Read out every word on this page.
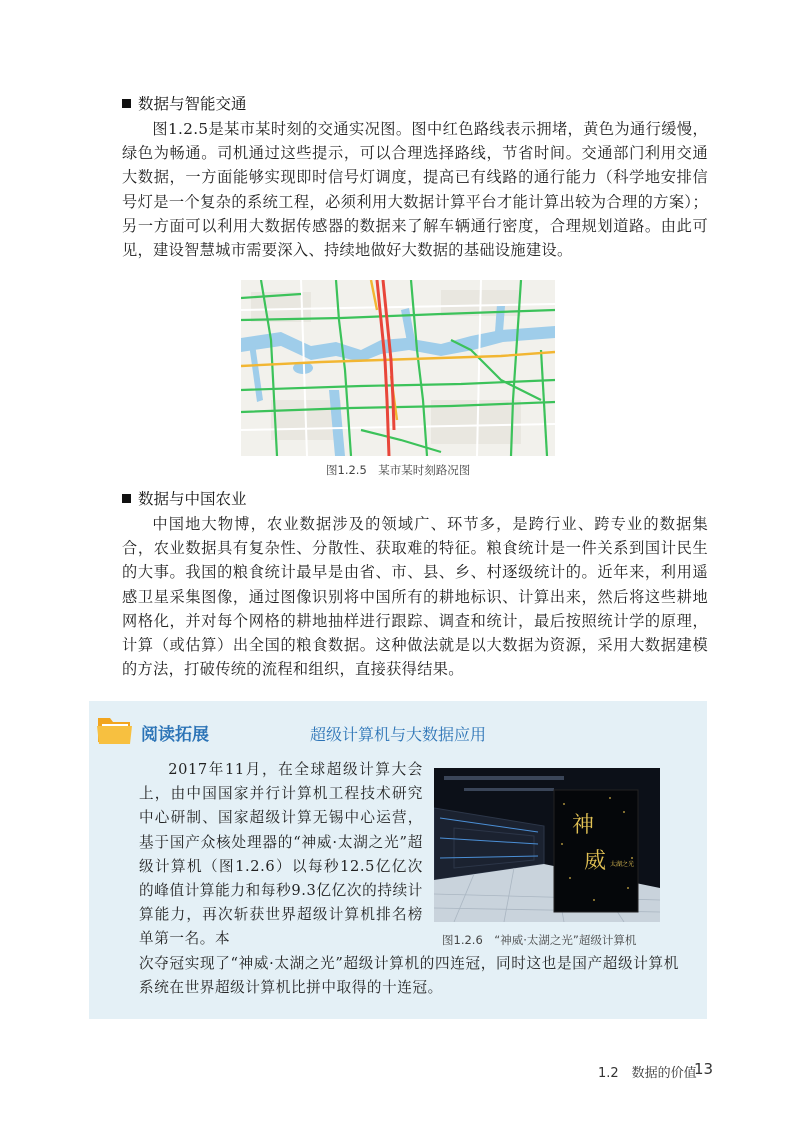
数据与智能交通

图1.2.5是某市某时刻的交通实况图。图中红色路线表示拥堵，黄色为通行缓慢，绿色为畅通。司机通过这些提示，可以合理选择路线，节省时间。交通部门利用交通大数据，一方面能够实现即时信号灯调度，提高已有线路的通行能力（科学地安排信号灯是一个复杂的系统工程，必须利用大数据计算平台才能计算出较为合理的方案）；另一方面可以利用大数据传感器的数据来了解车辆通行密度，合理规划道路。由此可见，建设智慧城市需要深入、持续地做好大数据的基础设施建设。

图1.2.5　某市某时刻路况图
数据与中国农业

中国地大物博，农业数据涉及的领域广、环节多，是跨行业、跨专业的数据集合，农业数据具有复杂性、分散性、获取难的特征。粮食统计是一件关系到国计民生的大事。我国的粮食统计最早是由省、市、县、乡、村逐级统计的。近年来，利用遥感卫星采集图像，通过图像识别将中国所有的耕地标识、计算出来，然后将这些耕地网格化，并对每个网格的耕地抽样进行跟踪、调查和统计，最后按照统计学的原理，计算（或估算）出全国的粮食数据。这种做法就是以大数据为资源，采用大数据建模的方法，打破传统的流程和组织，直接获得结果。

阅读拓展	超级计算机与大数据应用

2017年11月，在全球超级计算大会上，由中国国家并行计算机工程技术研究中心研制、国家超级计算无锡中心运营，基于国产众核处理器的“神威·太湖之光”超级计算机（图1.2.6）以每秒12.5亿亿次的峰值计算能力和每秒9.3亿亿次的持续计算能力，再次斩获世界超级计算机排名榜单第一名。本

次夺冠实现了“神威·太湖之光”超级计算机的四连冠，同时这也是国产超级计算机系统在世界超级计算机比拼中取得的十连冠。

神
威 太湖之光
图1.2.6　“神威·太湖之光”超级计算机
1.2　数据的价值
13
